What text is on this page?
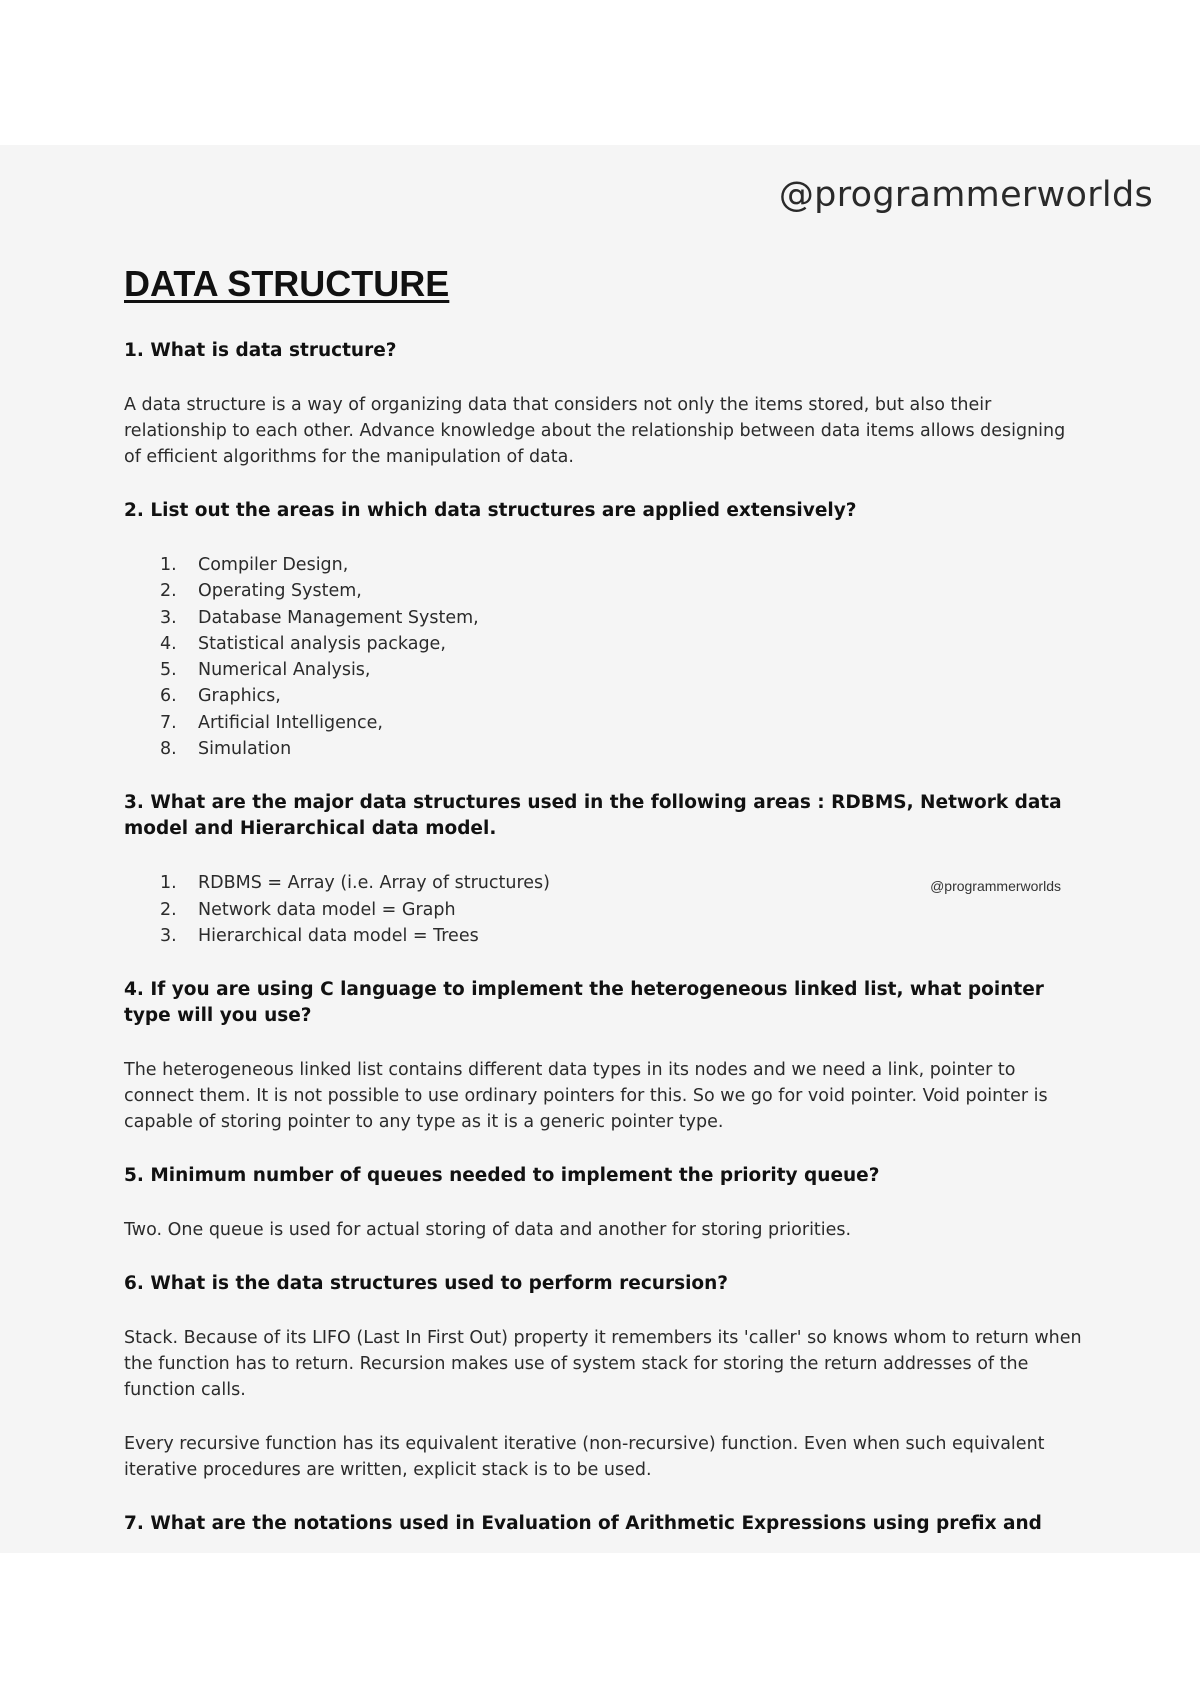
@programmerworlds
DATA STRUCTURE

1. What is data structure?

A data structure is a way of organizing data that considers not only the items stored, but also their relationship to each other. Advance knowledge about the relationship between data items allows designing of efficient algorithms for the manipulation of data.

2. List out the areas in which data structures are applied extensively?

1. Compiler Design,
2. Operating System,
3. Database Management System,
4. Statistical analysis package,
5. Numerical Analysis,
6. Graphics,
7. Artificial Intelligence,
8. Simulation

3. What are the major data structures used in the following areas : RDBMS, Network data model and Hierarchical data model.

1. RDBMS = Array (i.e. Array of structures)
2. Network data model = Graph
3. Hierarchical data model = Trees
@programmerworlds

4. If you are using C language to implement the heterogeneous linked list, what pointer type will you use?

The heterogeneous linked list contains different data types in its nodes and we need a link, pointer to connect them. It is not possible to use ordinary pointers for this. So we go for void pointer. Void pointer is capable of storing pointer to any type as it is a generic pointer type.

5. Minimum number of queues needed to implement the priority queue?

Two. One queue is used for actual storing of data and another for storing priorities.

6. What is the data structures used to perform recursion?

Stack. Because of its LIFO (Last In First Out) property it remembers its 'caller' so knows whom to return when the function has to return. Recursion makes use of system stack for storing the return addresses of the function calls.

Every recursive function has its equivalent iterative (non-recursive) function. Even when such equivalent iterative procedures are written, explicit stack is to be used.

7. What are the notations used in Evaluation of Arithmetic Expressions using prefix and
